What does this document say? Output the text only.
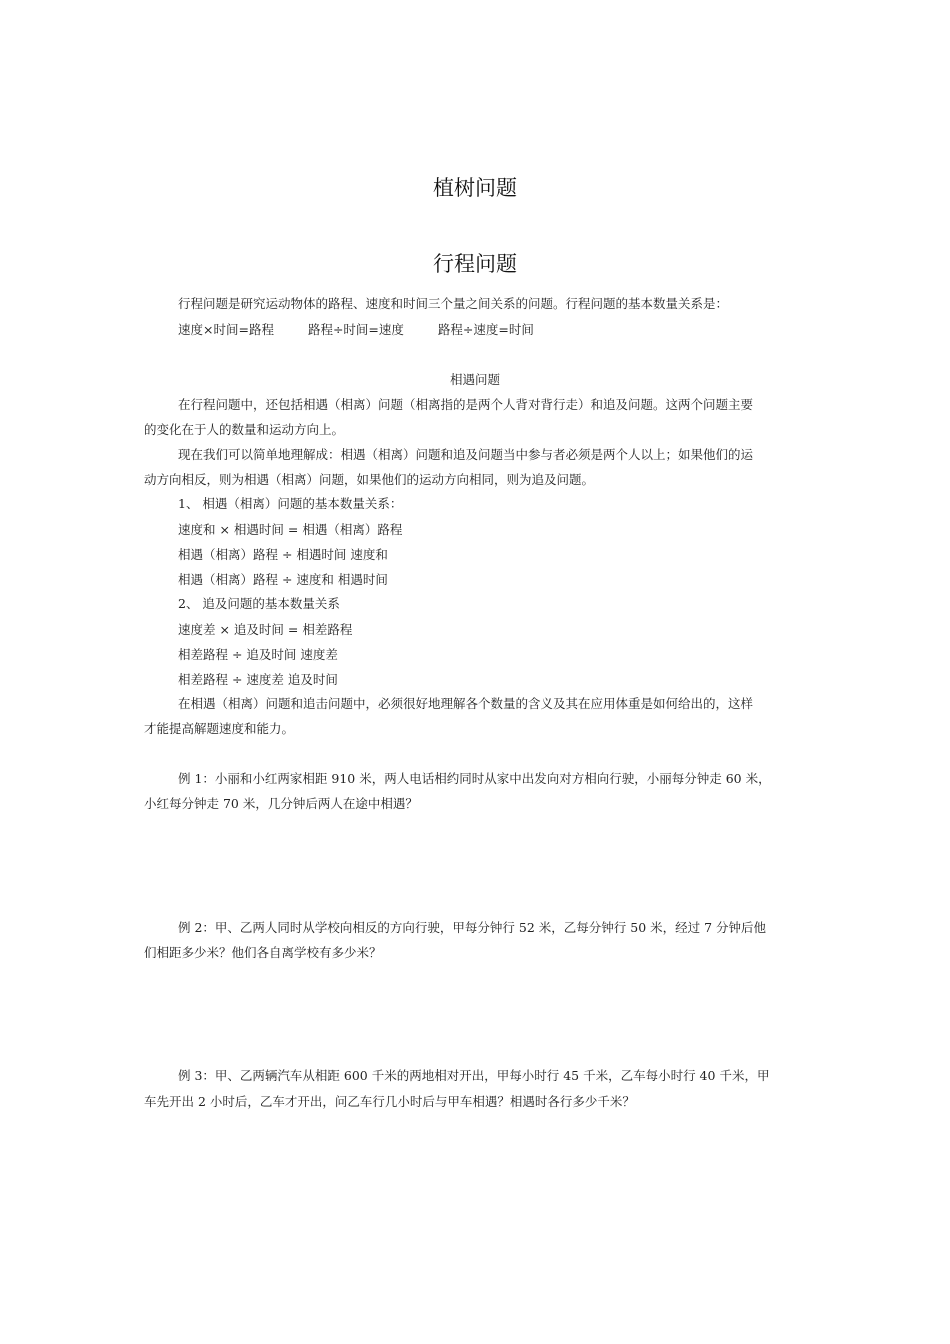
植树问题
行程问题
行程问题是研究运动物体的路程、速度和时间三个量之间关系的问题。行程问题的基本数量关系是：
速度×时间=路程	路程÷时间=速度	路程÷速度=时间
相遇问题
在行程问题中，还包括相遇（相离）问题（相离指的是两个人背对背行走）和追及问题。这两个问题主要
的变化在于人的数量和运动方向上。
现在我们可以简单地理解成：相遇（相离）问题和追及问题当中参与者必须是两个人以上；如果他们的运
动方向相反，则为相遇（相离）问题，如果他们的运动方向相同，则为追及问题。
1、 相遇（相离）问题的基本数量关系：
速度和 × 相遇时间 = 相遇（相离）路程
相遇（相离）路程 ÷ 相遇时间 速度和
相遇（相离）路程 ÷ 速度和 相遇时间
2、 追及问题的基本数量关系
速度差 × 追及时间 = 相差路程
相差路程 ÷ 追及时间 速度差
相差路程 ÷ 速度差 追及时间
在相遇（相离）问题和追击问题中，必须很好地理解各个数量的含义及其在应用体重是如何给出的，这样
才能提高解题速度和能力。
例 1：小丽和小红两家相距 910 米，两人电话相约同时从家中出发向对方相向行驶，小丽每分钟走 60 米，
小红每分钟走 70 米，几分钟后两人在途中相遇？
例 2：甲、乙两人同时从学校向相反的方向行驶，甲每分钟行 52 米，乙每分钟行 50 米，经过 7 分钟后他
们相距多少米？他们各自离学校有多少米？
例 3：甲、乙两辆汽车从相距 600 千米的两地相对开出，甲每小时行 45 千米，乙车每小时行 40 千米，甲
车先开出 2 小时后，乙车才开出，问乙车行几小时后与甲车相遇？相遇时各行多少千米？
